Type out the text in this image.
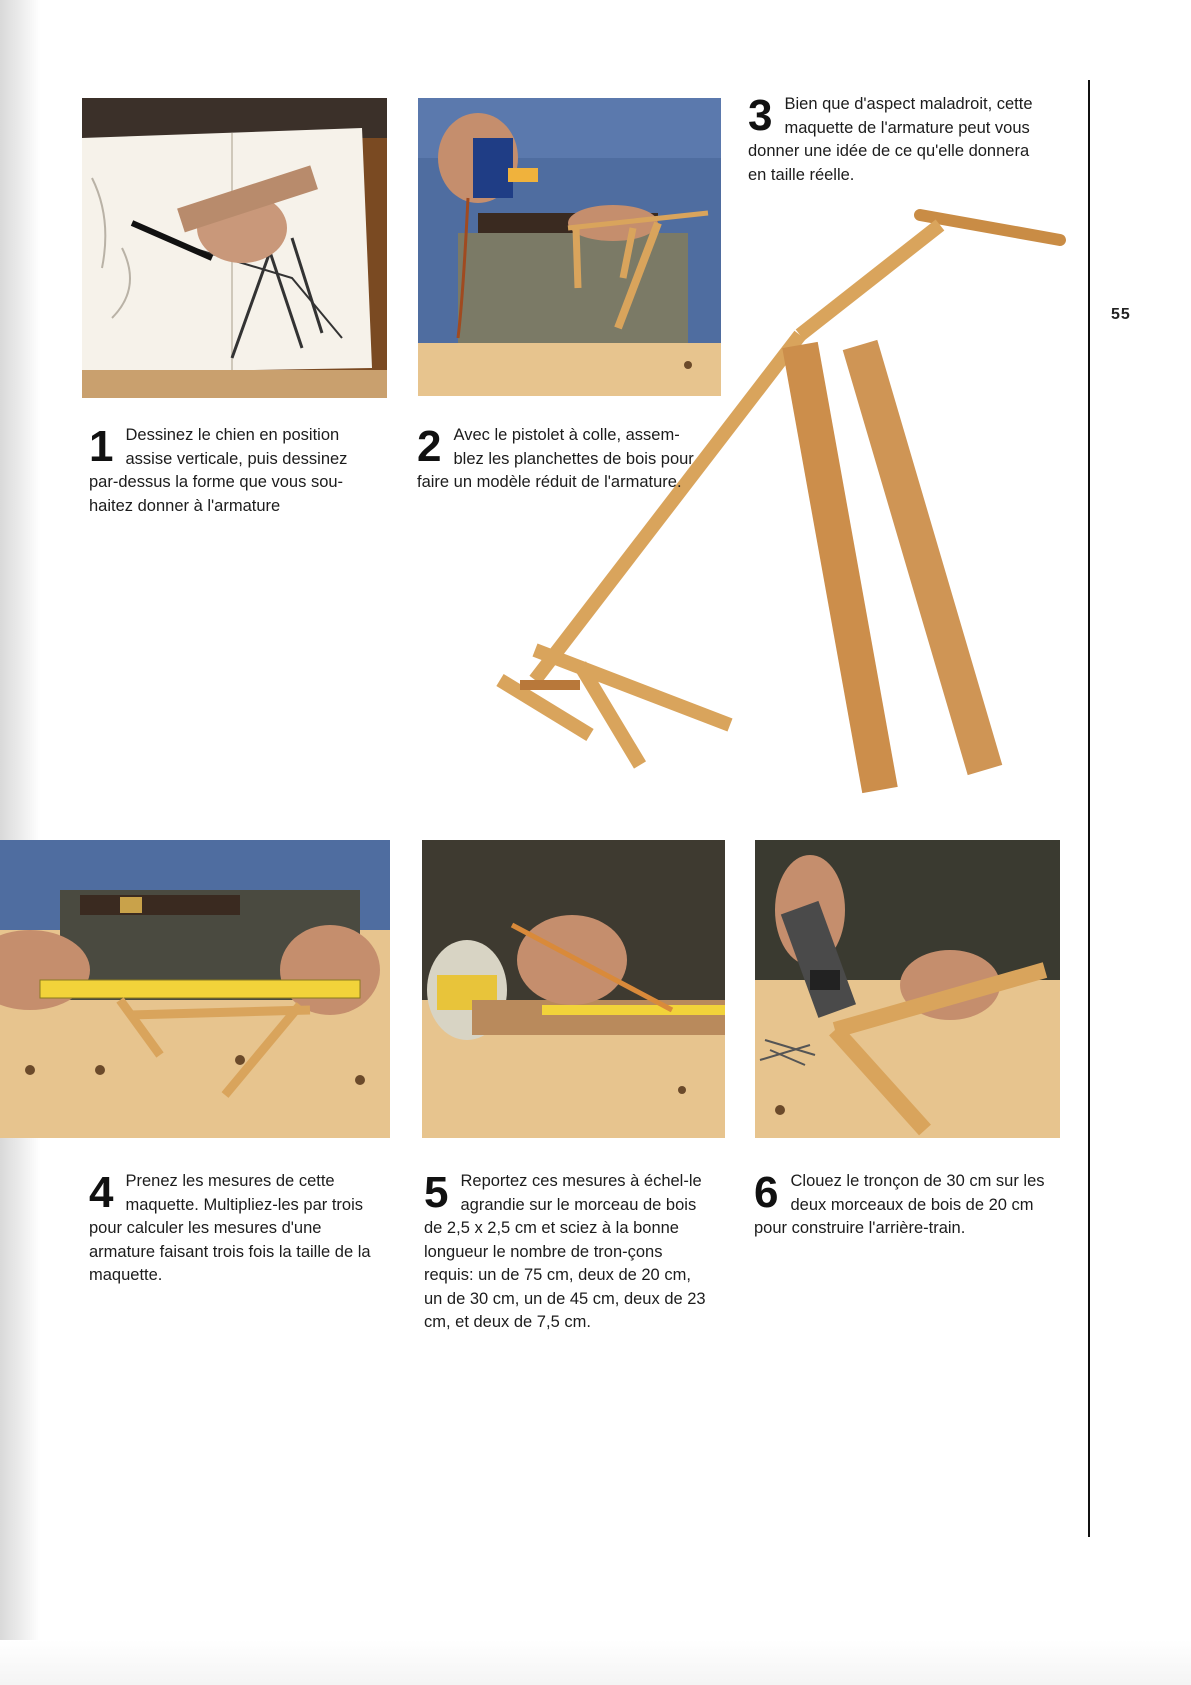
55
1 Dessinez le chien en position assise verticale, puis dessinez par-dessus la forme que vous sou-haitez donner à l'armature

2 Avec le pistolet à colle, assem-blez les planchettes de bois pour faire un modèle réduit de l'armature.

3 Bien que d'aspect maladroit, cette maquette de l'armature peut vous donner une idée de ce qu'elle donnera en taille réelle.

4 Prenez les mesures de cette maquette. Multipliez-les par trois pour calculer les mesures d'une armature faisant trois fois la taille de la maquette.

5 Reportez ces mesures à échel-le agrandie sur le morceau de bois de 2,5 x 2,5 cm et sciez à la bonne longueur le nombre de tron-çons requis: un de 75 cm, deux de 20 cm, un de 30 cm, un de 45 cm, deux de 23 cm, et deux de 7,5 cm.

6 Clouez le tronçon de 30 cm sur les deux morceaux de bois de 20 cm pour construire l'arrière-train.
